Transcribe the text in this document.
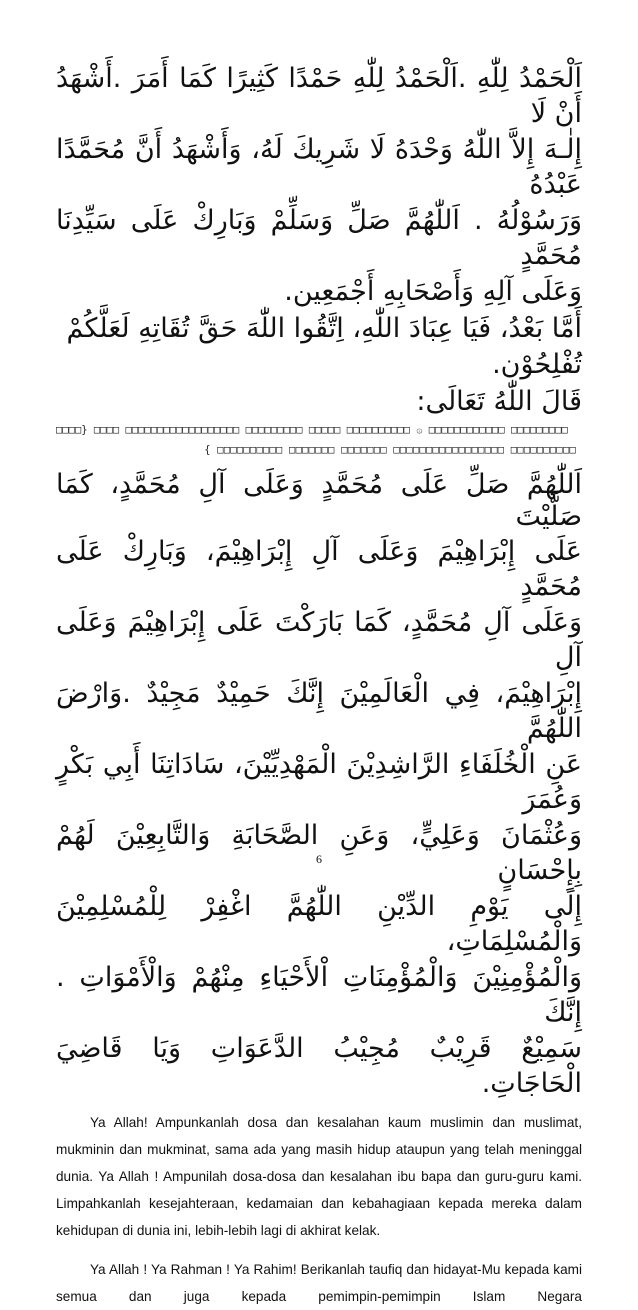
اَلْحَمْدُ لِلّٰهِ .اَلْحَمْدُ لِلّٰهِ حَمْدًا كَثِيرًا كَمَا أَمَرَ .أَشْهَدُ أَنْ لَا

إِلٰـهَ إِلاَّ اللّٰهُ وَحْدَهُ لَا شَرِيكَ لَهُ، وَأَشْهَدُ أَنَّ مُحَمَّدًا عَبْدُهُ

وَرَسُوْلُهُ . اَللّٰهُمَّ صَلِّ وَسَلِّمْ وَبَارِكْ عَلَى سَيِّدِنَا مُحَمَّدٍ

وَعَلَى آلِهِ وَأَصْحَابِهِ أَجْمَعِين.

أَمَّا بَعْدُ، فَيَا عِبَادَ اللّٰهِ، اِتَّقُوا اللّٰهَ حَقَّ تُقَاتِهِ لَعَلَّكُمْ

تُفْلِحُوْن.

قَالَ اللّٰهُ تَعَالَى:

□□□□} □□□□ □□□□□□□□□□□□□□□□□□ □□□□□□□□□ □□□□□ □□□□□□□□□□ ۞ □□□□□□□□□□□□ □□□□□□□□□

{ □□□□□□□□□□ □□□□□□□ □□□□□□□ □□□□□□□□□□□□□□□□□ □□□□□□□□□□

اَللّٰهُمَّ صَلِّ عَلَى مُحَمَّدٍ وَعَلَى آلِ مُحَمَّدٍ، كَمَا صَلَّيْتَ

عَلَى إِبْرَاهِيْمَ وَعَلَى آلِ إِبْرَاهِيْمَ، وَبَارِكْ عَلَى مُحَمَّدٍ

وَعَلَى آلِ مُحَمَّدٍ، كَمَا بَارَكْتَ عَلَى إِبْرَاهِيْمَ وَعَلَى آلِ

إِبْرَاهِيْمَ، فِي الْعَالَمِيْنَ إِنَّكَ حَمِيْدٌ مَجِيْدٌ .وَارْضَ اللّٰهُمَّ

عَنِ الْخُلَفَاءِ الرَّاشِدِيْنَ الْمَهْدِيِّيْنَ، سَادَاتِنَا أَبِي بَكْرٍ وَعُمَرَ

وَعُثْمَانَ وَعَلِيٍّ، وَعَنِ الصَّحَابَةِ وَالتَّابِعِيْنَ لَهُمْ بِإِحْسَانٍ

إِلَى يَوْمِ الدِّيْنِ اللّٰهُمَّ اغْفِرْ لِلْمُسْلِمِيْنَ وَالْمُسْلِمَاتِ،

وَالْمُؤْمِنِيْنَ وَالْمُؤْمِنَاتِ اْلأَحْيَاءِ مِنْهُمْ وَالْأَمْوَاتِ . إِنَّكَ

سَمِيْعٌ قَرِيْبٌ مُجِيْبُ الدَّعَوَاتِ وَيَا قَاضِيَ الْحَاجَاتِ.

Ya Allah! Ampunkanlah dosa dan kesalahan kaum muslimin dan muslimat, mukminin dan mukminat, sama ada yang masih hidup ataupun yang telah meninggal dunia. Ya Allah ! Ampunilah dosa-dosa dan kesalahan ibu bapa dan guru-guru kami. Limpahkanlah kesejahteraan, kedamaian dan kebahagiaan kepada mereka dalam kehidupan di dunia ini, lebih-lebih lagi di akhirat kelak.

Ya Allah ! Ya Rahman ! Ya Rahim! Berikanlah taufiq dan hidayat-Mu kepada kami semua dan juga kepada pemimpin-pemimpin Islam Negara

6
